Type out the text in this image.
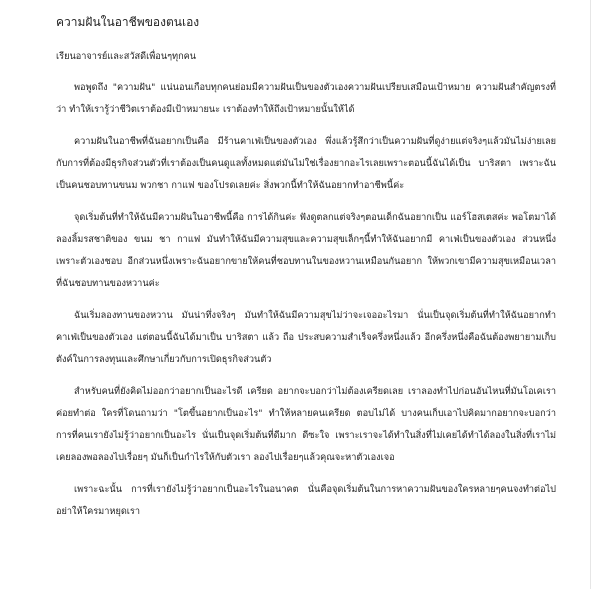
ความฝันในอาชีพของตนเอง
เรียนอาจารย์และสวัสดีเพื่อนๆทุกคน

พอพูดถึง "ความฝัน" แน่นอนเกือบทุกคนย่อมมีความฝันเป็นของตัวเองความฝันเปรียบเสมือนเป้าหมาย ความฝันสำคัญตรงที่ว่า ทำให้เรารู้ว่าชีวิตเราต้องมีเป้าหมายนะ เราต้องทำให้ถึงเป้าหมายนั้นให้ได้

ความฝันในอาชีพที่ฉันอยากเป็นคือ มีร้านคาเฟ่เป็นของตัวเอง พึ่งแล้วรู้สึกว่าเป็นความฝันที่ดูง่ายแต่จริงๆแล้วมันไม่ง่ายเลยกับการที่ต้องมีธุรกิจส่วนตัวที่เราต้องเป็นคนดูแลทั้งหมดแต่มันไม่ใช่เรื่องยากอะไรเลยเพราะตอนนี้ฉันได้เป็น บาริสตา เพราะฉันเป็นคนชอบทานขนม พวกชา กาแฟ ของโปรดเลยค่ะ สิ่งพวกนี้ทำให้ฉันอยากทำอาชีพนี้ค่ะ

จุดเริ่มต้นที่ทำให้ฉันมีความฝันในอาชีพนี้คือ การได้กินค่ะ ฟังดูตลกแต่จริงๆตอนเด็กฉันอยากเป็น แอร์โฮสเตสค่ะ พอโตมาได้ลองลิ้มรสชาติของ ขนม ชา กาแฟ มันทำให้ฉันมีความสุขและความสุขเล็กๆนี้ทำให้ฉันอยากมี คาเฟ่เป็นของตัวเอง ส่วนหนึ่ง เพราะตัวเองชอบ อีกส่วนหนึ่งเพราะฉันอยากขายให้คนที่ชอบทานในของหวานเหมือนกันอยาก ให้พวกเขามีความสุขเหมือนเวลาที่ฉันชอบทานของหวานค่ะ

ฉันเริ่มลองทานของหวาน มันน่าทึ่งจริงๆ มันทำให้ฉันมีความสุขไม่ว่าจะเจออะไรมา นั่นเป็นจุดเริ่มต้นที่ทำให้ฉันอยากทำคาเฟ่เป็นของตัวเอง แต่ตอนนี้ฉันได้มาเป็น บาริสตา แล้ว ถือ ประสบความสำเร็จครึ่งหนึ่งแล้ว อีกครึ่งหนึ่งคือฉันต้องพยายามเก็บตังค์ในการลงทุนและศึกษาเกี่ยวกับการเปิดธุรกิจส่วนตัว

สำหรับคนที่ยังคิดไม่ออกว่าอยากเป็นอะไรดี เครียด อยากจะบอกว่าไม่ต้องเครียดเลย เราลองทำไปก่อนอันไหนที่มันโอเคเราค่อยทำต่อ ใครที่โดนถามว่า "โตขึ้นอยากเป็นอะไร" ทำให้หลายคนเครียด ตอบไม่ได้ บางคนเก็บเอาไปคิดมากอยากจะบอกว่า การที่คนเรายังไม่รู้ว่าอยากเป็นอะไร นั่นเป็นจุดเริ่มต้นที่ดีมาก ดีซะใจ เพราะเราจะได้ทำในสิ่งที่ไม่เคยได้ทำได้ลองในสิ่งที่เราไม่เคยลองพอลองไปเรื่อยๆ มันก็เป็นกำไรให้กับตัวเรา ลองไปเรื่อยๆแล้วคุณจะหาตัวเองเจอ

เพราะฉะนั้น การที่เรายังไม่รู้ว่าอยากเป็นอะไรในอนาคต นั่นคือจุดเริ่มต้นในการหาความฝันของใครหลายๆคนจงทำต่อไปอย่าให้ใครมาหยุดเรา
